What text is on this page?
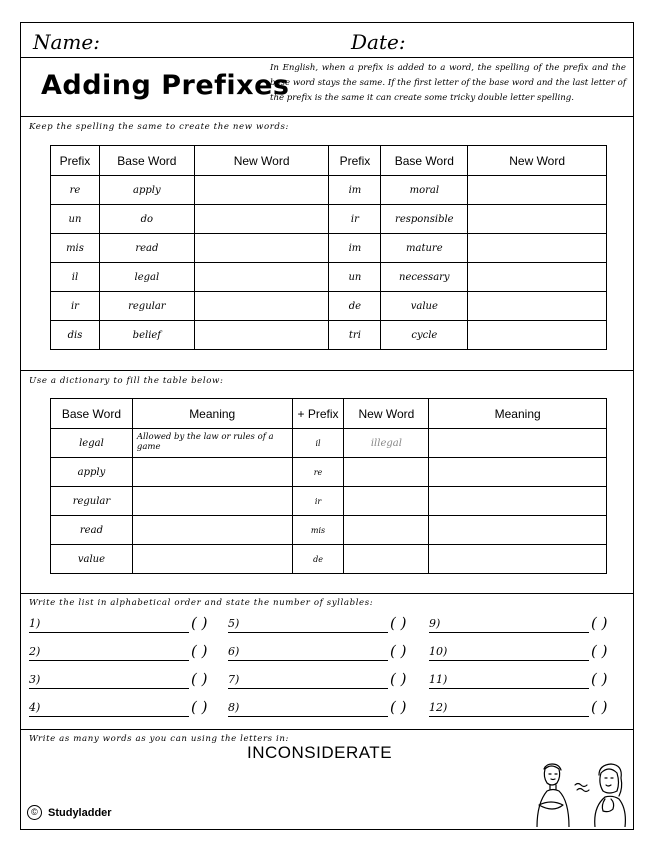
Name:	Date:
Adding Prefixes
In English, when a prefix is added to a word, the spelling of the prefix and the base word stays the same. If the first letter of the base word and the last letter of the prefix is the same it can create some tricky double letter spelling.
Keep the spelling the same to create the new words:
Prefix	Base Word	New Word	Prefix	Base Word	New Word
re	apply		im	moral	
un	do		ir	responsible	
mis	read		im	mature	
il	legal		un	necessary	
ir	regular		de	value	
dis	belief		tri	cycle	
Use a dictionary to fill the table below:
Base Word	Meaning	+ Prefix	New Word	Meaning
legal	Allowed by the law or rules of a game	il	illegal	
apply		re		
regular		ir		
read		mis		
value		de		
Write the list in alphabetical order and state the number of syllables:
1)	( )
2)	( )
3)	( )
4)	( )
5)	( )
6)	( )
7)	( )
8)	( )
9)	( )
10)	( )
11)	( )
12)	( )
Write as many words as you can using the letters in:
INCONSIDERATE
© Studyladder
